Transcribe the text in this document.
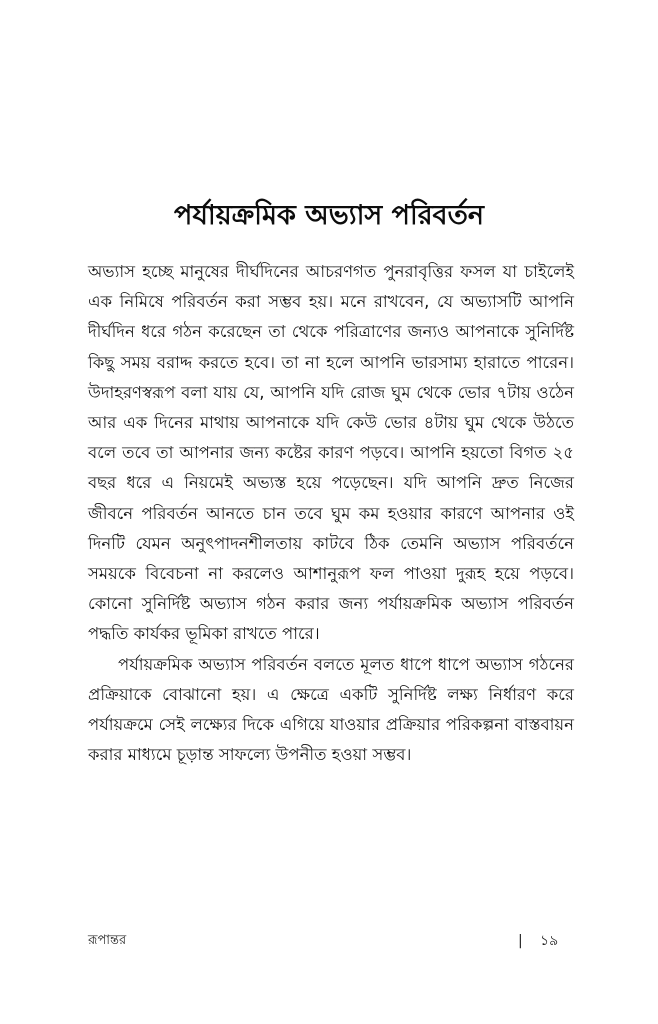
পর্যায়ক্রমিক অভ্যাস পরিবর্তন

অভ্যাস হচ্ছে মানুষের দীর্ঘদিনের আচরণগত পুনরাবৃত্তির ফসল যা চাইলেই এক নিমিষে পরিবর্তন করা সম্ভব হয়। মনে রাখবেন, যে অভ্যাসটি আপনি দীর্ঘদিন ধরে গঠন করেছেন তা থেকে পরিত্রাণের জন্যও আপনাকে সুনির্দিষ্ট কিছু সময় বরাদ্দ করতে হবে। তা না হলে আপনি ভারসাম্য হারাতে পারেন। উদাহরণস্বরূপ বলা যায় যে, আপনি যদি রোজ ঘুম থেকে ভোর ৭টায় ওঠেন আর এক দিনের মাথায় আপনাকে যদি কেউ ভোর ৪টায় ঘুম থেকে উঠতে বলে তবে তা আপনার জন্য কষ্টের কারণ পড়বে। আপনি হয়তো বিগত ২৫ বছর ধরে এ নিয়মেই অভ্যস্ত হয়ে পড়েছেন। যদি আপনি দ্রুত নিজের জীবনে পরিবর্তন আনতে চান তবে ঘুম কম হওয়ার কারণে আপনার ওই দিনটি যেমন অনুৎপাদনশীলতায় কাটবে ঠিক তেমনি অভ্যাস পরিবর্তনে সময়কে বিবেচনা না করলেও আশানুরূপ ফল পাওয়া দুরূহ হয়ে পড়বে। কোনো সুনির্দিষ্ট অভ্যাস গঠন করার জন্য পর্যায়ক্রমিক অভ্যাস পরিবর্তন পদ্ধতি কার্যকর ভূমিকা রাখতে পারে।

পর্যায়ক্রমিক অভ্যাস পরিবর্তন বলতে মূলত ধাপে ধাপে অভ্যাস গঠনের প্রক্রিয়াকে বোঝানো হয়। এ ক্ষেত্রে একটি সুনির্দিষ্ট লক্ষ্য নির্ধারণ করে পর্যায়ক্রমে সেই লক্ষ্যের দিকে এগিয়ে যাওয়ার প্রক্রিয়ার পরিকল্পনা বাস্তবায়ন করার মাধ্যমে চূড়ান্ত সাফল্যে উপনীত হওয়া সম্ভব।

রূপান্তর	| ১৯
